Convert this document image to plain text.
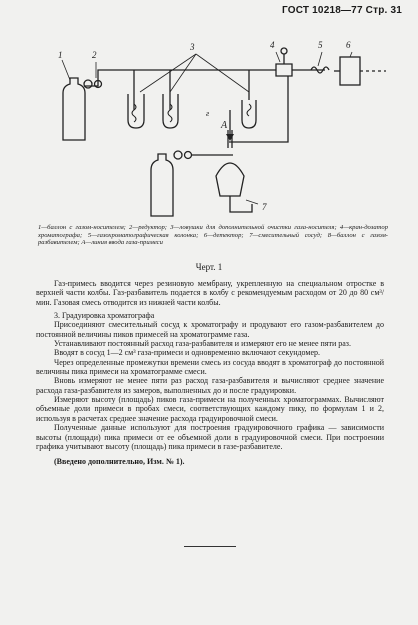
ГОСТ 10218—77 Стр. 31
1	2
3	4	5	6
7
А
ƨ
1—баллон с газом-носителем; 2—редуктор; 3—ловушки для дополнительной очистки газа-носителя; 4—кран-дозатор хроматографа; 5—газохроматографическая колонка; 6—детектор; 7—смесительный сосуд; 8—баллон с газом-разбавителем; А—линия ввода газа-примеси
Черт. 1

Газ-примесь вводится через резиновую мембрану, укрепленную на специальном отростке в верхней части колбы. Газ-разбавитель подается в колбу с рекомендуемым расходом от 20 до 80 см³/мин. Газовая смесь отводится из нижней части колбы.

3. Градуировка хроматографа

Присоединяют смесительный сосуд к хроматографу и продувают его газом-разбавителем до постоянной величины пиков примесей на хроматограмме газа.

Устанавливают постоянный расход газа-разбавителя и измеряют его не менее пяти раз.

Вводят в сосуд 1—2 см³ газа-примеси и одновременно включают секундомер.

Через определенные промежутки времени смесь из сосуда вводят в хроматограф до постоянной величины пика примеси на хроматограмме смеси.

Вновь измеряют не менее пяти раз расход газа-разбавителя и вычисляют среднее значение расхода газа-разбавителя из замеров, выполненных до и после градуировки.

Измеряют высоту (площадь) пиков газа-примеси на полученных хроматограммах. Вычисляют объемные доли примеси в пробах смеси, соответствующих каждому пику, по формулам 1 и 2, используя в расчетах среднее значение расхода градуировочной смеси.

Полученные данные используют для построения градуировочного графика — зависимости высоты (площади) пика примеси от ее объемной доли в градуировочной смеси. При построении графика учитывают высоту (площадь) пика примеси в газе-разбавителе.

(Введено дополнительно, Изм. № 1).
